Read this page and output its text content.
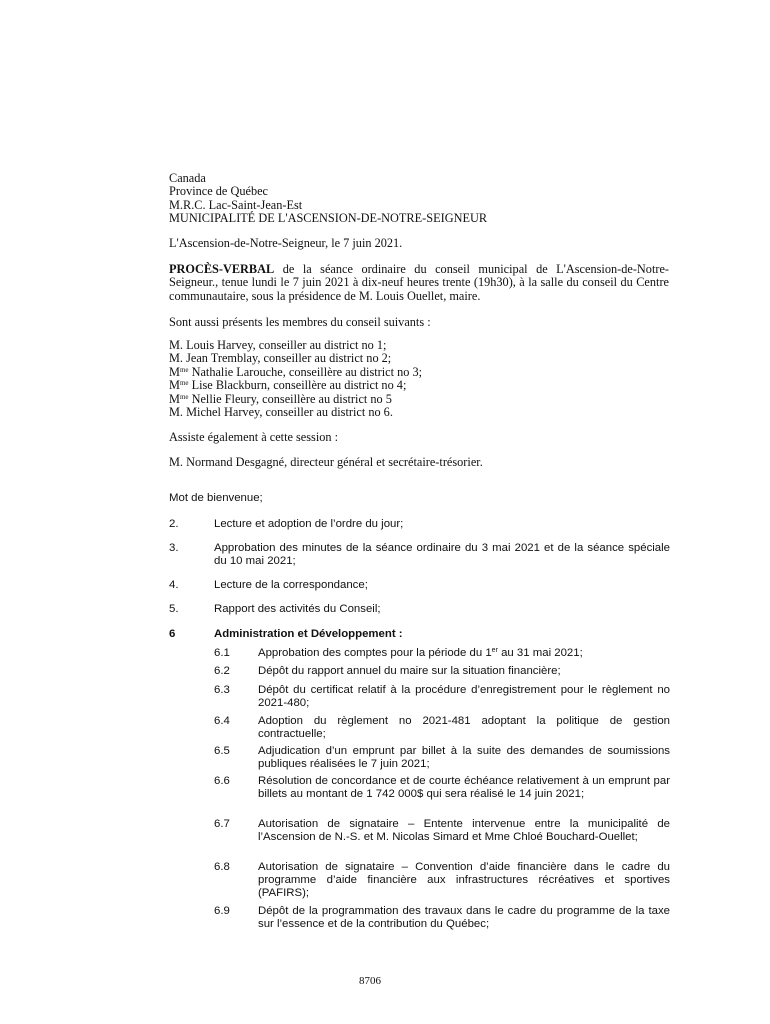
Canada
Province de Québec
M.R.C. Lac-Saint-Jean-Est
MUNICIPALITÉ DE L'ASCENSION-DE-NOTRE-SEIGNEUR
L'Ascension-de-Notre-Seigneur, le 7 juin 2021.
PROCÈS-VERBAL de la séance ordinaire du conseil municipal de L'Ascension-de-Notre-Seigneur., tenue lundi le 7 juin 2021 à dix-neuf heures trente (19h30), à la salle du conseil du Centre communautaire, sous la présidence de M. Louis Ouellet, maire.
Sont aussi présents les membres du conseil suivants :
M. Louis Harvey, conseiller au district no 1;
M. Jean Tremblay, conseiller au district no 2;
$M^{me}$ Nathalie Larouche, conseillère au district no 3;
$M^{me}$ Lise Blackburn, conseillère au district no 4;
$M^{me}$ Nellie Fleury, conseillère au district no 5
M. Michel Harvey, conseiller au district no 6.
Assiste également à cette session :
M. Normand Desgagné, directeur général et secrétaire-trésorier.
Mot de bienvenue;
2.	Lecture et adoption de l’ordre du jour;
3.	Approbation des minutes de la séance ordinaire du 3 mai 2021 et de la séance spéciale du 10 mai 2021;
4.	Lecture de la correspondance;
5.	Rapport des activités du Conseil;
6	Administration et Développement :
6.1 Approbation des comptes pour la période du 1er au 31 mai 2021;
6.2 Dépôt du rapport annuel du maire sur la situation financière;
6.3 Dépôt du certificat relatif à la procédure d’enregistrement pour le règlement no 2021-480;
6.4 Adoption du règlement no 2021-481 adoptant la politique de gestion contractuelle;
6.5 Adjudication d’un emprunt par billet à la suite des demandes de soumissions publiques réalisées le 7 juin 2021;
6.6 Résolution de concordance et de courte échéance relativement à un emprunt par billets au montant de 1 742 000$ qui sera réalisé le 14 juin 2021;
6.7 Autorisation de signataire – Entente intervenue entre la municipalité de l’Ascension de N.-S. et M. Nicolas Simard et Mme Chloé Bouchard-Ouellet;
6.8 Autorisation de signataire – Convention d’aide financière dans le cadre du programme d’aide financière aux infrastructures récréatives et sportives (PAFIRS);
6.9 Dépôt de la programmation des travaux dans le cadre du programme de la taxe sur l’essence et de la contribution du Québec;
8706
